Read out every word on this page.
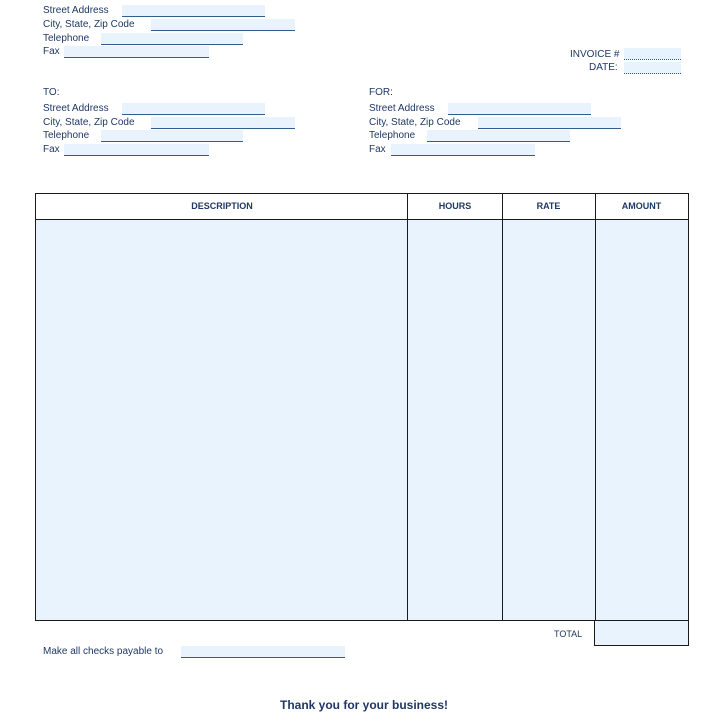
Street Address
City, State, Zip Code
Telephone
Fax	INVOICE #
DATE:
TO:
Street Address
City, State, Zip Code
Telephone
Fax
FOR:
Street Address
City, State, Zip Code
Telephone
Fax
DESCRIPTION	HOURS	RATE	AMOUNT
TOTAL
Make all checks payable to
Thank you for your business!
